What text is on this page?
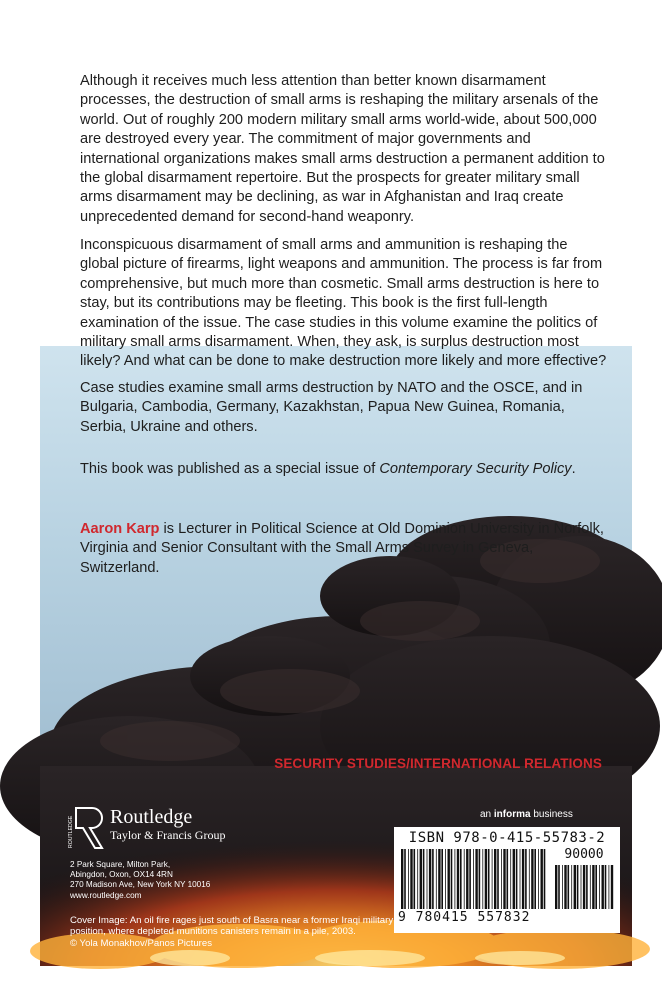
Although it receives much less attention than better known disarmament processes, the destruction of small arms is reshaping the military arsenals of the world. Out of roughly 200 modern military small arms world-wide, about 500,000 are destroyed every year. The commitment of major governments and international organizations makes small arms destruction a permanent addition to the global disarmament repertoire. But the prospects for greater military small arms disarmament may be declining, as war in Afghanistan and Iraq create unprecedented demand for second-hand weaponry.

Inconspicuous disarmament of small arms and ammunition is reshaping the global picture of firearms, light weapons and ammunition. The process is far from comprehensive, but much more than cosmetic. Small arms destruction is here to stay, but its contributions may be fleeting. This book is the first full-length examination of the issue. The case studies in this volume examine the politics of military small arms disarmament. When, they ask, is surplus destruction most likely? And what can be done to make destruction more likely and more effective?

Case studies examine small arms destruction by NATO and the OSCE, and in Bulgaria, Cambodia, Germany, Kazakhstan, Papua New Guinea, Romania, Serbia, Ukraine and others.

This book was published as a special issue of Contemporary Security Policy.

Aaron Karp is Lecturer in Political Science at Old Dominion University in Norfolk, Virginia and Senior Consultant with the Small Arms Survey in Geneva, Switzerland.

SECURITY STUDIES/INTERNATIONAL RELATIONS
an informa business
ROUTLEDGE Routledge
Taylor & Francis Group
2 Park Square, Milton Park,
Abingdon, Oxon, OX14 4RN
270 Madison Ave, New York NY 10016
www.routledge.com
Cover Image: An oil fire rages just south of Basra near a former Iraqi military
position, where depleted munitions canisters remain in a pile, 2003.
© Yola Monakhov/Panos Pictures
ISBN 978-0-415-55783-2
90000
9 780415 557832
